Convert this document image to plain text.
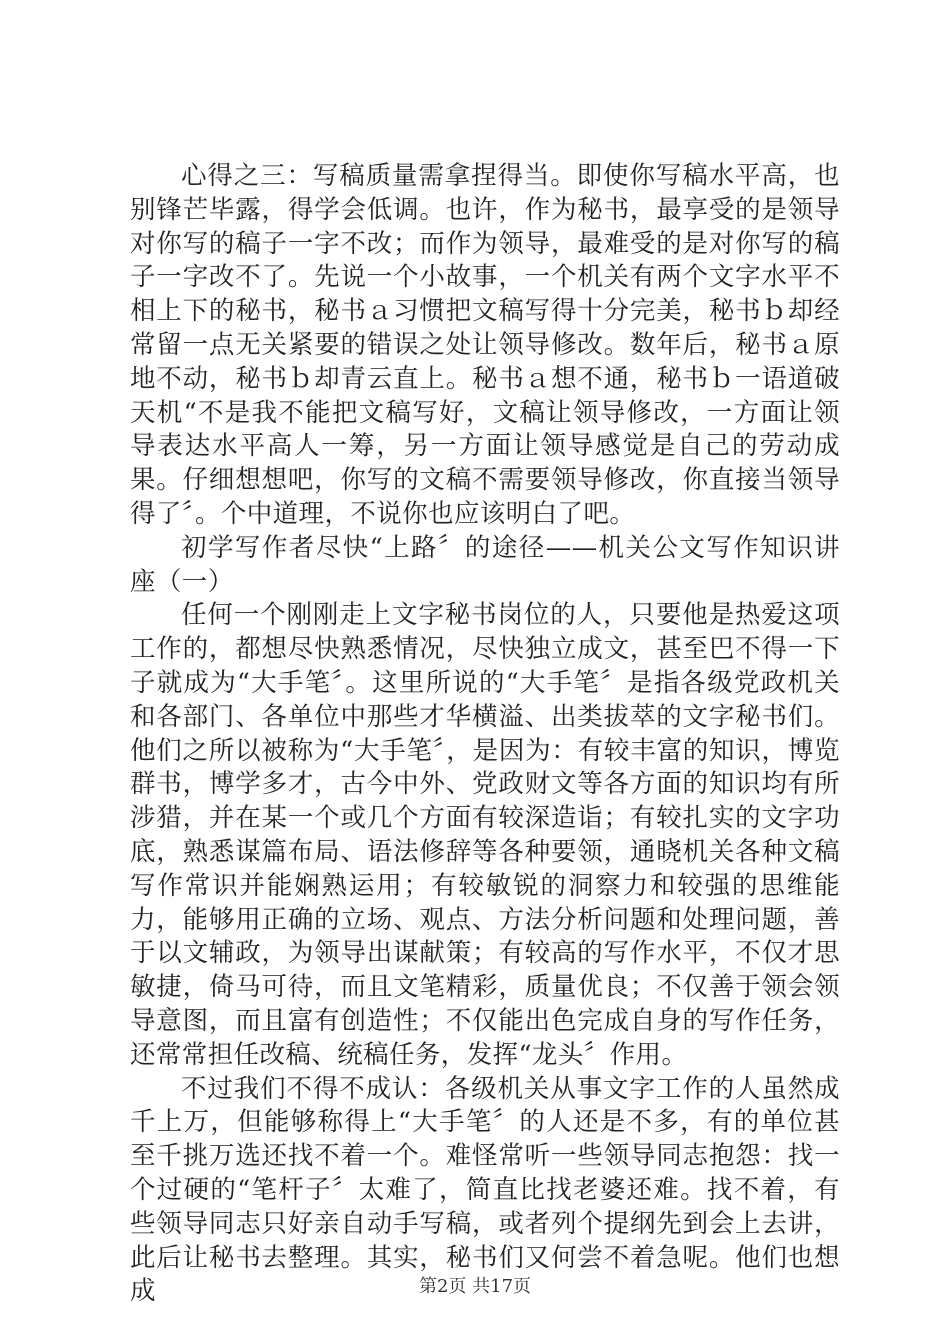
心得之三：写稿质量需拿捏得当。即使你写稿水平高，也别锋芒毕露，得学会低调。也许，作为秘书，最享受的是领导对你写的稿子一字不改；而作为领导，最难受的是对你写的稿子一字改不了。先说一个小故事，一个机关有两个文字水平不相上下的秘书，秘书ａ习惯把文稿写得十分完美，秘书ｂ却经常留一点无关紧要的错误之处让领导修改。数年后，秘书ａ原地不动，秘书ｂ却青云直上。秘书ａ想不通，秘书ｂ一语道破天机“不是我不能把文稿写好，文稿让领导修改，一方面让领导表达水平高人一筹，另一方面让领导感觉是自己的劳动成果。仔细想想吧，你写的文稿不需要领导修改，你直接当领导得了〞。个中道理，不说你也应该明白了吧。

初学写作者尽快“上路〞的途径——机关公文写作知识讲座（一）

任何一个刚刚走上文字秘书岗位的人，只要他是热爱这项工作的，都想尽快熟悉情况，尽快独立成文，甚至巴不得一下子就成为“大手笔〞。这里所说的“大手笔〞是指各级党政机关和各部门、各单位中那些才华横溢、出类拔萃的文字秘书们。他们之所以被称为“大手笔〞，是因为：有较丰富的知识，博览群书，博学多才，古今中外、党政财文等各方面的知识均有所涉猎，并在某一个或几个方面有较深造诣；有较扎实的文字功底，熟悉谋篇布局、语法修辞等各种要领，通晓机关各种文稿写作常识并能娴熟运用；有较敏锐的洞察力和较强的思维能力，能够用正确的立场、观点、方法分析问题和处理问题，善于以文辅政，为领导出谋献策；有较高的写作水平，不仅才思敏捷，倚马可待，而且文笔精彩，质量优良；不仅善于领会领导意图，而且富有创造性；不仅能出色完成自身的写作任务，还常常担任改稿、统稿任务，发挥“龙头〞作用。

不过我们不得不成认：各级机关从事文字工作的人虽然成千上万，但能够称得上“大手笔〞的人还是不多，有的单位甚至千挑万选还找不着一个。难怪常听一些领导同志抱怨：找一个过硬的“笔杆子〞太难了，简直比找老婆还难。找不着，有些领导同志只好亲自动手写稿，或者列个提纲先到会上去讲，此后让秘书去整理。其实，秘书们又何尝不着急呢。他们也想成	第2页 共17页
